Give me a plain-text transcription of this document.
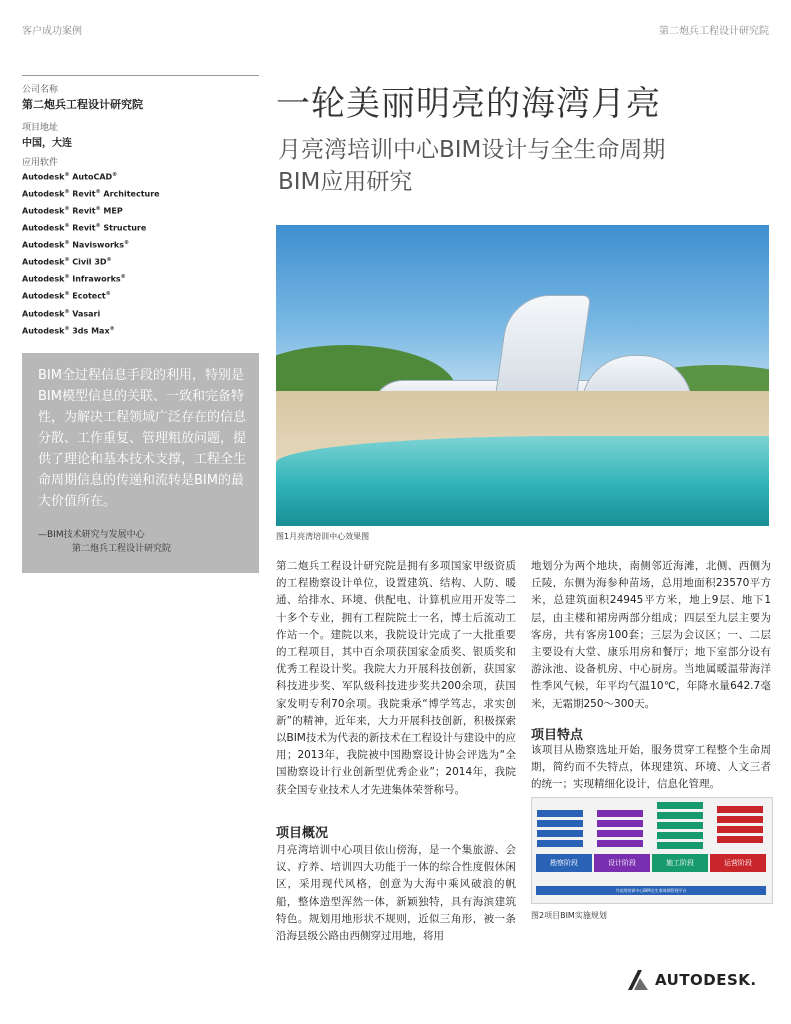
客户成功案例	第二炮兵工程设计研究院
公司名称
第二炮兵工程设计研究院
项目地址
中国，大连
应用软件
Autodesk® AutoCAD®
Autodesk® Revit® Architecture
Autodesk® Revit® MEP
Autodesk® Revit® Structure
Autodesk® Navisworks®
Autodesk® Civil 3D®
Autodesk® Infraworks®
Autodesk® Ecotect®
Autodesk® Vasari
Autodesk® 3ds Max®
BIM全过程信息手段的利用，特别是BIM模型信息的关联、一致和完备特性，为解决工程领域广泛存在的信息分散、工作重复、管理粗放问题，提供了理论和基本技术支撑，工程全生命周期信息的传递和流转是BIM的最大价值所在。
—BIM技术研究与发展中心
第二炮兵工程设计研究院
一轮美丽明亮的海湾月亮
月亮湾培训中心BIM设计与全生命周期
BIM应用研究
图1月亮湾培训中心效果图
第二炮兵工程设计研究院是拥有多项国家甲级资质的工程勘察设计单位，设置建筑、结构、人防、暖通、给排水、环境、供配电、计算机应用开发等二十多个专业，拥有工程院院士一名，博士后流动工作站一个。建院以来，我院设计完成了一大批重要的工程项目，其中百余项获国家金质奖、银质奖和优秀工程设计奖。我院大力开展科技创新，获国家科技进步奖、军队级科技进步奖共200余项，获国家发明专利70余项。我院秉承“博学笃志，求实创新”的精神，近年来，大力开展科技创新，积极探索以BIM技术为代表的新技术在工程设计与建设中的应用；2013年，我院被中国勘察设计协会评选为“全国勘察设计行业创新型优秀企业”；2014年，我院获全国专业技术人才先进集体荣誉称号。
项目概况
月亮湾培训中心项目依山傍海，是一个集旅游、会议、疗养、培训四大功能于一体的综合性度假休闲区，采用现代风格，创意为大海中乘风破浪的帆船，整体造型浑然一体，新颖独特，具有海滨建筑特色。规划用地形状不规则，近似三角形，被一条沿海县级公路由西侧穿过用地，将用
地划分为两个地块，南侧邻近海滩，北侧、西侧为丘陵，东侧为海参种苗场，总用地面积23570平方米，总建筑面积24945平方米，地上9层、地下1层，由主楼和裙房两部分组成；四层至九层主要为客房，共有客房100套；三层为会议区；一、二层主要设有大堂、康乐用房和餐厅；地下室部分设有游泳池、设备机房、中心厨房。当地属暖温带海洋性季风气候，年平均气温10℃，年降水量642.7毫米，无霜期250～300天。
项目特点
该项目从勘察选址开始，服务贯穿工程整个生命周期，简约而不失特点，体现建筑、环境、人文三者的统一；实现精细化设计，信息化管理。
勘察阶段	设计阶段	施工阶段	运营阶段
月亮湾培训中心BIM全生命周期管理平台
图2项目BIM实施规划
AUTODESK.
